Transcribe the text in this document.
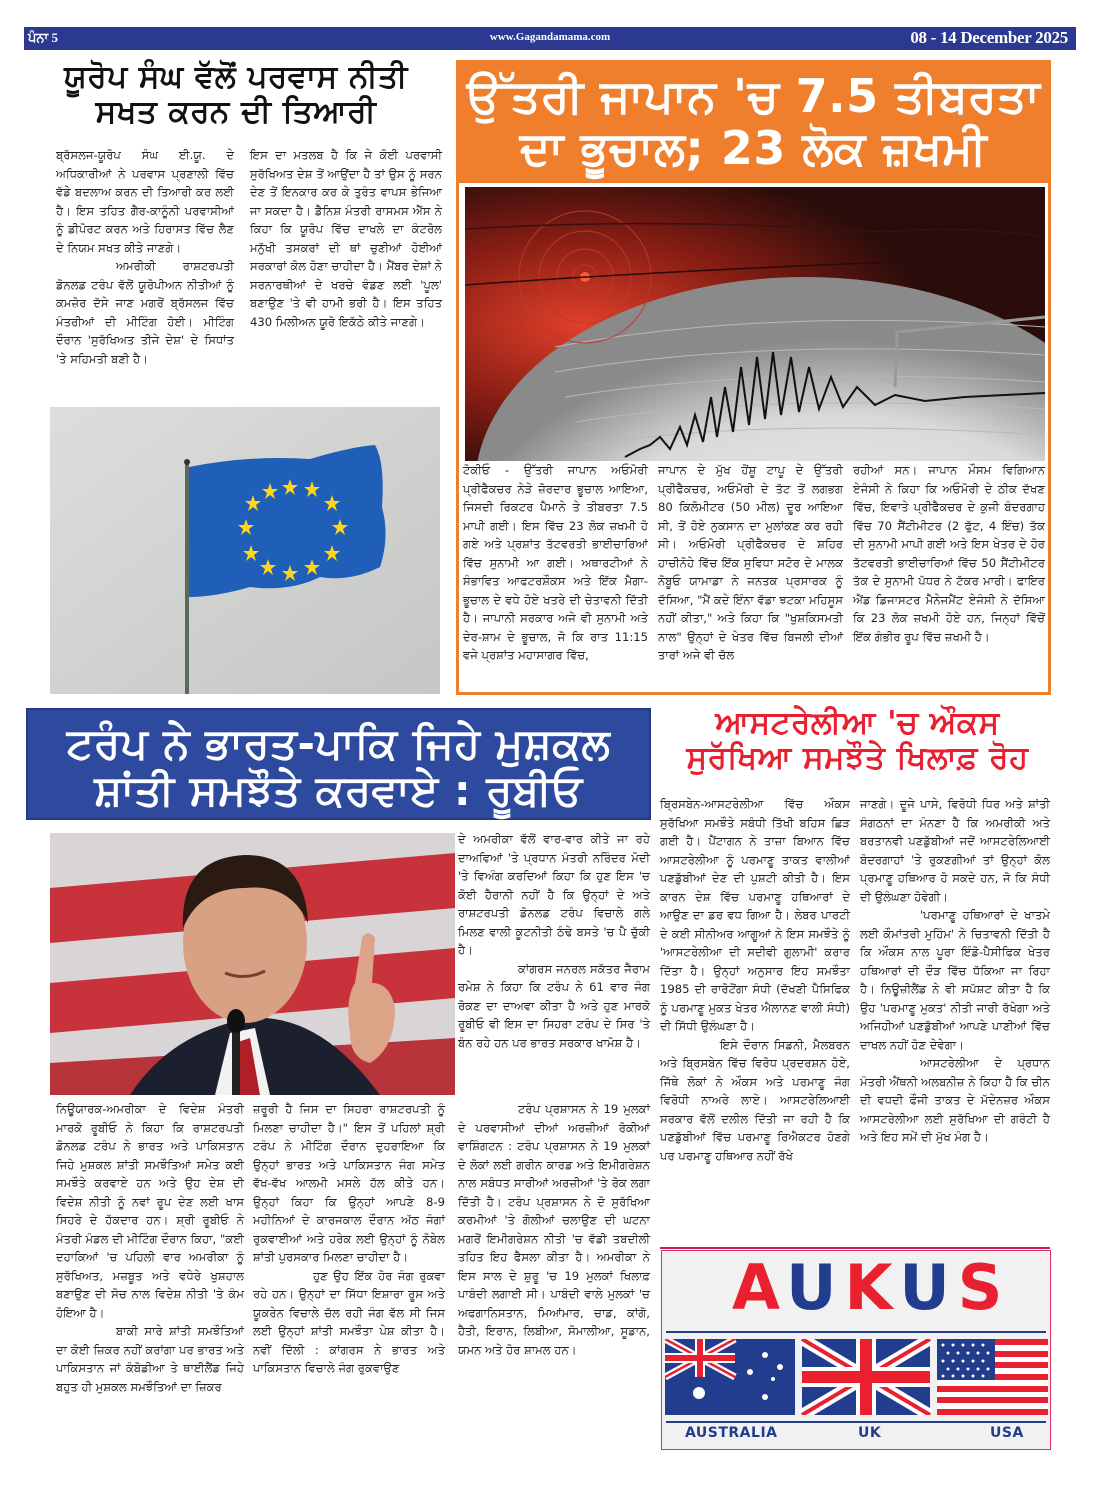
ਪੰਨਾ 5	www.Gagandamama.com	08 - 14 December 2025
ਯੂਰੋਪ ਸੰਘ ਵੱਲੋਂ ਪਰਵਾਸ ਨੀਤੀ
ਸਖਤ ਕਰਨ ਦੀ ਤਿਆਰੀ

ਬ੍ਰੱਸਲਜ-ਯੂਰੋਪ ਸੰਘ ਈ.ਯੂ. ਦੇ ਅਧਿਕਾਰੀਆਂ ਨੇ ਪਰਵਾਸ ਪ੍ਰਣਾਲੀ ਵਿੱਚ ਵੱਡੇ ਬਦਲਾਅ ਕਰਨ ਦੀ ਤਿਆਰੀ ਕਰ ਲਈ ਹੈ। ਇਸ ਤਹਿਤ ਗੈਰ-ਕਾਨੂੰਨੀ ਪਰਵਾਸੀਆਂ ਨੂੰ ਡੀਪੋਰਟ ਕਰਨ ਅਤੇ ਹਿਰਾਸਤ ਵਿੱਚ ਲੈਣ ਦੇ ਨਿਯਮ ਸਖਤ ਕੀਤੇ ਜਾਣਗੇ।

ਅਮਰੀਕੀ ਰਾਸ਼ਟਰਪਤੀ ਡੋਨਲਡ ਟਰੰਪ ਵੱਲੋਂ ਯੂਰੋਪੀਅਨ ਨੀਤੀਆਂ ਨੂੰ ਕਮਜ਼ੋਰ ਦੱਸੇ ਜਾਣ ਮਗਰੋਂ ਬ੍ਰੱਸਲਜ ਵਿੱਚ ਮੰਤਰੀਆਂ ਦੀ ਮੀਟਿੰਗ ਹੋਈ। ਮੀਟਿੰਗ ਦੌਰਾਨ 'ਸੁਰੱਖਿਅਤ ਤੀਜੇ ਦੇਸ਼' ਦੇ ਸਿਧਾਂਤ 'ਤੇ ਸਹਿਮਤੀ ਬਣੀ ਹੈ।

ਇਸ ਦਾ ਮਤਲਬ ਹੈ ਕਿ ਜੇ ਕੋਈ ਪਰਵਾਸੀ ਸੁਰੱਖਿਅਤ ਦੇਸ਼ ਤੋਂ ਆਉਂਦਾ ਹੈ ਤਾਂ ਉਸ ਨੂੰ ਸਰਨ ਦੇਣ ਤੋਂ ਇਨਕਾਰ ਕਰ ਕੇ ਤੁਰੰਤ ਵਾਪਸ ਭੇਜਿਆ ਜਾ ਸਕਦਾ ਹੈ। ਡੈਨਿਸ਼ ਮੰਤਰੀ ਰਾਸਮਸ ਐੱਸ ਨੇ ਕਿਹਾ ਕਿ ਯੂਰੋਪ ਵਿੱਚ ਦਾਖਲੇ ਦਾ ਕੰਟਰੋਲ ਮਨੁੱਖੀ ਤਸਕਰਾਂ ਦੀ ਥਾਂ ਚੁਣੀਆਂ ਹੋਈਆਂ ਸਰਕਾਰਾਂ ਕੋਲ ਹੋਣਾ ਚਾਹੀਦਾ ਹੈ। ਮੈਂਬਰ ਦੇਸ਼ਾਂ ਨੇ ਸਰਨਾਰਥੀਆਂ ਦੇ ਖਰਚੇ ਵੰਡਣ ਲਈ 'ਪੂਲ' ਬਣਾਉਣ 'ਤੇ ਵੀ ਹਾਮੀ ਭਰੀ ਹੈ। ਇਸ ਤਹਿਤ 430 ਮਿਲੀਅਨ ਯੂਰੋ ਇਕੱਠੇ ਕੀਤੇ ਜਾਣਗੇ।

ਉੱਤਰੀ ਜਾਪਾਨ 'ਚ 7.5 ਤੀਬਰਤਾ
ਦਾ ਭੂਚਾਲ; 23 ਲੋਕ ਜ਼ਖਮੀ

ਟੋਕੀਓ - ਉੱਤਰੀ ਜਾਪਾਨ ਅਓਮੋਰੀ ਪ੍ਰੀਫੈਕਚਰ ਨੇੜੇ ਜ਼ੋਰਦਾਰ ਭੂਚਾਲ ਆਇਆ, ਜਿਸਦੀ ਰਿਕਟਰ ਪੈਮਾਨੇ ਤੇ ਤੀਬਰਤਾ 7.5 ਮਾਪੀ ਗਈ। ਇਸ ਵਿੱਚ 23 ਲੋਕ ਜ਼ਖਮੀ ਹੋ ਗਏ ਅਤੇ ਪ੍ਰਸ਼ਾਂਤ ਤੱਟਵਰਤੀ ਭਾਈਚਾਰਿਆਂ ਵਿੱਚ ਸੁਨਾਮੀ ਆ ਗਈ। ਅਥਾਰਟੀਆਂ ਨੇ ਸੰਭਾਵਿਤ ਆਫਟਰਸ਼ੌਕਸ ਅਤੇ ਇੱਕ ਮੈਗਾ-ਭੂਚਾਲ ਦੇ ਵਧੇ ਹੋਏ ਖਤਰੇ ਦੀ ਚੇਤਾਵਨੀ ਦਿੱਤੀ ਹੈ। ਜਾਪਾਨੀ ਸਰਕਾਰ ਅਜੇ ਵੀ ਸੁਨਾਮੀ ਅਤੇ ਦੇਰ-ਸ਼ਾਮ ਦੇ ਭੂਚਾਲ, ਜੋ ਕਿ ਰਾਤ 11:15 ਵਜੇ ਪ੍ਰਸ਼ਾਂਤ ਮਹਾਸਾਗਰ ਵਿੱਚ,

ਜਾਪਾਨ ਦੇ ਮੁੱਖ ਹੋਂਸ਼ੂ ਟਾਪੂ ਦੇ ਉੱਤਰੀ ਪ੍ਰੀਫੈਕਚਰ, ਅਓਮੋਰੀ ਦੇ ਤੱਟ ਤੋਂ ਲਗਭਗ 80 ਕਿਲੋਮੀਟਰ (50 ਮੀਲ) ਦੂਰ ਆਇਆ ਸੀ, ਤੋਂ ਹੋਏ ਨੁਕਸਾਨ ਦਾ ਮੁਲਾਂਕਣ ਕਰ ਰਹੀ ਸੀ। ਅਓਮੋਰੀ ਪ੍ਰੀਫੈਕਚਰ ਦੇ ਸ਼ਹਿਰ ਹਾਚੀਨੋਹੇ ਵਿੱਚ ਇੱਕ ਸੁਵਿਧਾ ਸਟੋਰ ਦੇ ਮਾਲਕ ਨੋਬੂਓ ਯਾਮਾਡਾ ਨੇ ਜਨਤਕ ਪ੍ਰਸਾਰਕ ਨੂੰ ਦੱਸਿਆ, "ਮੈਂ ਕਦੇ ਇੰਨਾ ਵੱਡਾ ਝਟਕਾ ਮਹਿਸੂਸ ਨਹੀਂ ਕੀਤਾ," ਅਤੇ ਕਿਹਾ ਕਿ "ਖੁਸ਼ਕਿਸਮਤੀ ਨਾਲ" ਉਨ੍ਹਾਂ ਦੇ ਖੇਤਰ ਵਿੱਚ ਬਿਜਲੀ ਦੀਆਂ ਤਾਰਾਂ ਅਜੇ ਵੀ ਚੱਲ

ਰਹੀਆਂ ਸਨ। ਜਾਪਾਨ ਮੌਸਮ ਵਿਗਿਆਨ ਏਜੰਸੀ ਨੇ ਕਿਹਾ ਕਿ ਅਓਮੋਰੀ ਦੇ ਠੀਕ ਦੱਖਣ ਵਿੱਚ, ਇਵਾਤੇ ਪ੍ਰੀਫੈਕਚਰ ਦੇ ਕੁਜੀ ਬੰਦਰਗਾਹ ਵਿੱਚ 70 ਸੈਂਟੀਮੀਟਰ (2 ਫੁੱਟ, 4 ਇੰਚ) ਤੱਕ ਦੀ ਸੁਨਾਮੀ ਮਾਪੀ ਗਈ ਅਤੇ ਇਸ ਖੇਤਰ ਦੇ ਹੋਰ ਤੱਟਵਰਤੀ ਭਾਈਚਾਰਿਆਂ ਵਿੱਚ 50 ਸੈਂਟੀਮੀਟਰ ਤੱਕ ਦੇ ਸੁਨਾਮੀ ਪੱਧਰ ਨੇ ਟੱਕਰ ਮਾਰੀ। ਫਾਇਰ ਐਂਡ ਡਿਜਾਸਟਰ ਮੈਨੇਜਮੈਂਟ ਏਜੰਸੀ ਨੇ ਦੱਸਿਆ ਕਿ 23 ਲੋਕ ਜ਼ਖਮੀ ਹੋਏ ਹਨ, ਜਿਨ੍ਹਾਂ ਵਿੱਚੋਂ ਇੱਕ ਗੰਭੀਰ ਰੂਪ ਵਿੱਚ ਜ਼ਖਮੀ ਹੈ।

ਟਰੰਪ ਨੇ ਭਾਰਤ-ਪਾਕਿ ਜਿਹੇ ਮੁਸ਼ਕਲ
ਸ਼ਾਂਤੀ ਸਮਝੌਤੇ ਕਰਵਾਏ : ਰੂਬੀਓ

ਦੇ ਅਮਰੀਕਾ ਵੱਲੋਂ ਵਾਰ-ਵਾਰ ਕੀਤੇ ਜਾ ਰਹੇ ਦਾਅਵਿਆਂ 'ਤੇ ਪ੍ਰਧਾਨ ਮੰਤਰੀ ਨਰਿੰਦਰ ਮੋਦੀ 'ਤੇ ਵਿਅੰਗ ਕਰਦਿਆਂ ਕਿਹਾ ਕਿ ਹੁਣ ਇਸ 'ਚ ਕੋਈ ਹੈਰਾਨੀ ਨਹੀਂ ਹੈ ਕਿ ਉਨ੍ਹਾਂ ਦੇ ਅਤੇ ਰਾਸ਼ਟਰਪਤੀ ਡੋਨਲਡ ਟਰੰਪ ਵਿਚਾਲੇ ਗਲੇ ਮਿਲਣ ਵਾਲੀ ਕੂਟਨੀਤੀ ਠੰਢੇ ਬਸਤੇ 'ਚ ਪੈ ਚੁੱਕੀ ਹੈ।

ਕਾਂਗਰਸ ਜਨਰਲ ਸਕੱਤਰ ਜੈਰਾਮ ਰਮੇਸ਼ ਨੇ ਕਿਹਾ ਕਿ ਟਰੰਪ ਨੇ 61 ਵਾਰ ਜੰਗ ਰੋਕਣ ਦਾ ਦਾਅਵਾ ਕੀਤਾ ਹੈ ਅਤੇ ਹੁਣ ਮਾਰਕੋ ਰੂਬੀਓ ਵੀ ਇਸ ਦਾ ਸਿਹਰਾ ਟਰੰਪ ਦੇ ਸਿਰ 'ਤੇ ਬੰਨ ਰਹੇ ਹਨ ਪਰ ਭਾਰਤ ਸਰਕਾਰ ਖਾਮੋਸ਼ ਹੈ।

ਨਿਊਯਾਰਕ-ਅਮਰੀਕਾ ਦੇ ਵਿਦੇਸ਼ ਮੰਤਰੀ ਮਾਰਕੋ ਰੂਬੀਓ ਨੇ ਕਿਹਾ ਕਿ ਰਾਸ਼ਟਰਪਤੀ ਡੋਨਲਡ ਟਰੰਪ ਨੇ ਭਾਰਤ ਅਤੇ ਪਾਕਿਸਤਾਨ ਜਿਹੇ ਮੁਸ਼ਕਲ ਸ਼ਾਂਤੀ ਸਮਝੌਤਿਆਂ ਸਮੇਤ ਕਈ ਸਮਝੌਤੇ ਕਰਵਾਏ ਹਨ ਅਤੇ ਉਹ ਦੇਸ਼ ਦੀ ਵਿਦੇਸ਼ ਨੀਤੀ ਨੂੰ ਨਵਾਂ ਰੂਪ ਦੇਣ ਲਈ ਖਾਸ ਸਿਹਰੇ ਦੇ ਹੱਕਦਾਰ ਹਨ। ਸ਼੍ਰੀ ਰੂਬੀਓ ਨੇ ਮੰਤਰੀ ਮੰਡਲ ਦੀ ਮੀਟਿੰਗ ਦੌਰਾਨ ਕਿਹਾ, "ਕਈ ਦਹਾਕਿਆਂ 'ਚ ਪਹਿਲੀ ਵਾਰ ਅਮਰੀਕਾ ਨੂੰ ਸੁਰੱਖਿਅਤ, ਮਜ਼ਬੂਤ ਅਤੇ ਵਧੇਰੇ ਖੁਸ਼ਹਾਲ ਬਣਾਉਣ ਦੀ ਸੋਚ ਨਾਲ ਵਿਦੇਸ਼ ਨੀਤੀ 'ਤੇ ਕੰਮ ਹੋਇਆ ਹੈ।

ਬਾਕੀ ਸਾਰੇ ਸ਼ਾਂਤੀ ਸਮਝੌਤਿਆਂ ਦਾ ਕੋਈ ਜ਼ਿਕਰ ਨਹੀਂ ਕਰਾਂਗਾ ਪਰ ਭਾਰਤ ਅਤੇ ਪਾਕਿਸਤਾਨ ਜਾਂ ਕੰਬੋਡੀਆ ਤੇ ਥਾਈਲੈਂਡ ਜਿਹੇ ਬਹੁਤ ਹੀ ਮੁਸ਼ਕਲ ਸਮਝੌਤਿਆਂ ਦਾ ਜ਼ਿਕਰ

ਜ਼ਰੂਰੀ ਹੈ ਜਿਸ ਦਾ ਸਿਹਰਾ ਰਾਸ਼ਟਰਪਤੀ ਨੂੰ ਮਿਲਣਾ ਚਾਹੀਦਾ ਹੈ।" ਇਸ ਤੋਂ ਪਹਿਲਾਂ ਸ਼੍ਰੀ ਟਰੰਪ ਨੇ ਮੀਟਿੰਗ ਦੌਰਾਨ ਦੁਹਰਾਇਆ ਕਿ ਉਨ੍ਹਾਂ ਭਾਰਤ ਅਤੇ ਪਾਕਿਸਤਾਨ ਜੰਗ ਸਮੇਤ ਵੱਖ-ਵੱਖ ਆਲਮੀ ਮਸਲੇ ਹੱਲ ਕੀਤੇ ਹਨ। ਉਨ੍ਹਾਂ ਕਿਹਾ ਕਿ ਉਨ੍ਹਾਂ ਆਪਣੇ 8-9 ਮਹੀਨਿਆਂ ਦੇ ਕਾਰਜਕਾਲ ਦੌਰਾਨ ਅੱਠ ਜੰਗਾਂ ਰੁਕਵਾਈਆਂ ਅਤੇ ਹਰੇਕ ਲਈ ਉਨ੍ਹਾਂ ਨੂੰ ਨੋਬੇਲ ਸ਼ਾਂਤੀ ਪੁਰਸਕਾਰ ਮਿਲਣਾ ਚਾਹੀਦਾ ਹੈ।

ਹੁਣ ਉਹ ਇੱਕ ਹੋਰ ਜੰਗ ਰੁਕਵਾ ਰਹੇ ਹਨ। ਉਨ੍ਹਾਂ ਦਾ ਸਿੱਧਾ ਇਸ਼ਾਰਾ ਰੂਸ ਅਤੇ ਯੂਕਰੇਨ ਵਿਚਾਲੇ ਚੱਲ ਰਹੀ ਜੰਗ ਵੱਲ ਸੀ ਜਿਸ ਲਈ ਉਨ੍ਹਾਂ ਸ਼ਾਂਤੀ ਸਮਝੌਤਾ ਪੇਸ਼ ਕੀਤਾ ਹੈ। ਨਵੀਂ ਦਿੱਲੀ : ਕਾਂਗਰਸ ਨੇ ਭਾਰਤ ਅਤੇ ਪਾਕਿਸਤਾਨ ਵਿਚਾਲੇ ਜੰਗ ਰੁਕਵਾਉਣ

ਟਰੰਪ ਪ੍ਰਸ਼ਾਸਨ ਨੇ 19 ਮੁਲਕਾਂ ਦੇ ਪਰਵਾਸੀਆਂ ਦੀਆਂ ਅਰਜ਼ੀਆਂ ਰੋਕੀਆਂ ਵਾਸ਼ਿੰਗਟਨ : ਟਰੰਪ ਪ੍ਰਸ਼ਾਸਨ ਨੇ 19 ਮੁਲਕਾਂ ਦੇ ਲੋਕਾਂ ਲਈ ਗਰੀਨ ਕਾਰਡ ਅਤੇ ਇਮੀਗਰੇਸ਼ਨ ਨਾਲ ਸਬੰਧਤ ਸਾਰੀਆਂ ਅਰਜ਼ੀਆਂ 'ਤੇ ਰੋਕ ਲਗਾ ਦਿੱਤੀ ਹੈ। ਟਰੰਪ ਪ੍ਰਸ਼ਾਸਨ ਨੇ ਦੋ ਸੁਰੱਖਿਆ ਕਰਮੀਆਂ 'ਤੇ ਗੋਲੀਆਂ ਚਲਾਉਣ ਦੀ ਘਟਨਾ ਮਗਰੋਂ ਇਮੀਗਰੇਸ਼ਨ ਨੀਤੀ 'ਚ ਵੱਡੀ ਤਬਦੀਲੀ ਤਹਿਤ ਇਹ ਫੈਸਲਾ ਕੀਤਾ ਹੈ। ਅਮਰੀਕਾ ਨੇ ਇਸ ਸਾਲ ਦੇ ਸ਼ੁਰੂ 'ਚ 19 ਮੁਲਕਾਂ ਖਿਲਾਫ਼ ਪਾਬੰਦੀ ਲਗਾਈ ਸੀ। ਪਾਬੰਦੀ ਵਾਲੇ ਮੁਲਕਾਂ 'ਚ ਅਫਗਾਨਿਸਤਾਨ, ਮਿਆਂਮਾਰ, ਚਾਡ, ਕਾਂਗੋ, ਹੈਤੀ, ਇਰਾਨ, ਲਿਬੀਆ, ਸੋਮਾਲੀਆ, ਸੂਡਾਨ, ਯਮਨ ਅਤੇ ਹੋਰ ਸ਼ਾਮਲ ਹਨ।

ਆਸਟਰੇਲੀਆ 'ਚ ਔਕਸ
ਸੁਰੱਖਿਆ ਸਮਝੌਤੇ ਖਿਲਾਫ਼ ਰੋਹ

ਬ੍ਰਿਸਬੇਨ-ਆਸਟਰੇਲੀਆ ਵਿੱਚ ਔਕਸ ਸੁਰੱਖਿਆ ਸਮਝੌਤੇ ਸਬੰਧੀ ਤਿੱਖੀ ਬਹਿਸ ਛਿੜ ਗਈ ਹੈ। ਪੈਂਟਾਗਨ ਨੇ ਤਾਜ਼ਾ ਬਿਆਨ ਵਿੱਚ ਆਸਟਰੇਲੀਆ ਨੂੰ ਪਰਮਾਣੂ ਤਾਕਤ ਵਾਲੀਆਂ ਪਣਡੁੱਬੀਆਂ ਦੇਣ ਦੀ ਪੁਸ਼ਟੀ ਕੀਤੀ ਹੈ। ਇਸ ਕਾਰਨ ਦੇਸ਼ ਵਿੱਚ ਪਰਮਾਣੂ ਹਥਿਆਰਾਂ ਦੇ ਆਉਣ ਦਾ ਡਰ ਵਧ ਗਿਆ ਹੈ। ਲੇਬਰ ਪਾਰਟੀ ਦੇ ਕਈ ਸੀਨੀਅਰ ਆਗੂਆਂ ਨੇ ਇਸ ਸਮਝੌਤੇ ਨੂੰ 'ਆਸਟਰੇਲੀਆ ਦੀ ਸਦੀਵੀ ਗੁਲਾਮੀ' ਕਰਾਰ ਦਿੱਤਾ ਹੈ। ਉਨ੍ਹਾਂ ਅਨੁਸਾਰ ਇਹ ਸਮਝੌਤਾ 1985 ਦੀ ਰਾਰੋਟੋਂਗਾ ਸੰਧੀ (ਦੱਖਣੀ ਪੈਸਿਫਿਕ ਨੂੰ ਪਰਮਾਣੂ ਮੁਕਤ ਖੇਤਰ ਐਲਾਨਣ ਵਾਲੀ ਸੰਧੀ) ਦੀ ਸਿੱਧੀ ਉਲੰਘਣਾ ਹੈ।

ਇਸੇ ਦੌਰਾਨ ਸਿਡਨੀ, ਮੈਲਬਰਨ ਅਤੇ ਬ੍ਰਿਸਬੇਨ ਵਿੱਚ ਵਿਰੋਧ ਪ੍ਰਦਰਸ਼ਨ ਹੋਏ, ਜਿੱਥੇ ਲੋਕਾਂ ਨੇ ਔਕਸ ਅਤੇ ਪਰਮਾਣੂ ਜੰਗ ਵਿਰੋਧੀ ਨਾਅਰੇ ਲਾਏ। ਆਸਟਰੇਲਿਆਈ ਸਰਕਾਰ ਵੱਲੋਂ ਦਲੀਲ ਦਿੱਤੀ ਜਾ ਰਹੀ ਹੈ ਕਿ ਪਣਡੁੱਬੀਆਂ ਵਿੱਚ ਪਰਮਾਣੂ ਰਿਐਕਟਰ ਹੋਣਗੇ ਪਰ ਪਰਮਾਣੂ ਹਥਿਆਰ ਨਹੀਂ ਰੱਖੇ

ਜਾਣਗੇ। ਦੂਜੇ ਪਾਸੇ, ਵਿਰੋਧੀ ਧਿਰ ਅਤੇ ਸ਼ਾਂਤੀ ਸੰਗਠਨਾਂ ਦਾ ਮੰਨਣਾ ਹੈ ਕਿ ਅਮਰੀਕੀ ਅਤੇ ਬਰਤਾਨਵੀ ਪਣਡੁੱਬੀਆਂ ਜਦੋਂ ਆਸਟਰੇਲਿਆਈ ਬੰਦਰਗਾਹਾਂ 'ਤੇ ਰੁਕਣਗੀਆਂ ਤਾਂ ਉਨ੍ਹਾਂ ਕੋਲ ਪ੍ਰਮਾਣੂ ਹਥਿਆਰ ਹੋ ਸਕਦੇ ਹਨ, ਜੋ ਕਿ ਸੰਧੀ ਦੀ ਉਲੰਘਣਾ ਹੋਵੇਗੀ।

'ਪਰਮਾਣੂ ਹਥਿਆਰਾਂ ਦੇ ਖਾਤਮੇ ਲਈ ਕੌਮਾਂਤਰੀ ਮੁਹਿੰਮ' ਨੇ ਚਿਤਾਵਨੀ ਦਿੱਤੀ ਹੈ ਕਿ ਔਕਸ ਨਾਲ ਪੂਰਾ ਇੰਡੋ-ਪੈਸੀਫਿਕ ਖੇਤਰ ਹਥਿਆਰਾਂ ਦੀ ਦੌੜ ਵਿੱਚ ਧੱਕਿਆ ਜਾ ਰਿਹਾ ਹੈ। ਨਿਊਜ਼ੀਲੈਂਡ ਨੇ ਵੀ ਸਪੱਸ਼ਟ ਕੀਤਾ ਹੈ ਕਿ ਉਹ 'ਪਰਮਾਣੂ ਮੁਕਤ' ਨੀਤੀ ਜਾਰੀ ਰੱਖੇਗਾ ਅਤੇ ਅਜਿਹੀਆਂ ਪਣਡੁੱਬੀਆਂ ਆਪਣੇ ਪਾਣੀਆਂ ਵਿੱਚ ਦਾਖਲ ਨਹੀਂ ਹੋਣ ਦੇਵੇਗਾ।

ਆਸਟਰੇਲੀਆ ਦੇ ਪ੍ਰਧਾਨ ਮੰਤਰੀ ਐਂਥਨੀ ਅਲਬਨੀਜ਼ ਨੇ ਕਿਹਾ ਹੈ ਕਿ ਚੀਨ ਦੀ ਵਧਦੀ ਫੌਜੀ ਤਾਕਤ ਦੇ ਮੱਦੇਨਜ਼ਰ ਔਕਸ ਆਸਟਰੇਲੀਆ ਲਈ ਸੁਰੱਖਿਆ ਦੀ ਗਰੰਟੀ ਹੈ ਅਤੇ ਇਹ ਸਮੇਂ ਦੀ ਮੁੱਖ ਮੰਗ ਹੈ।

AUKUS
AUSTRALIA	UK	USA
